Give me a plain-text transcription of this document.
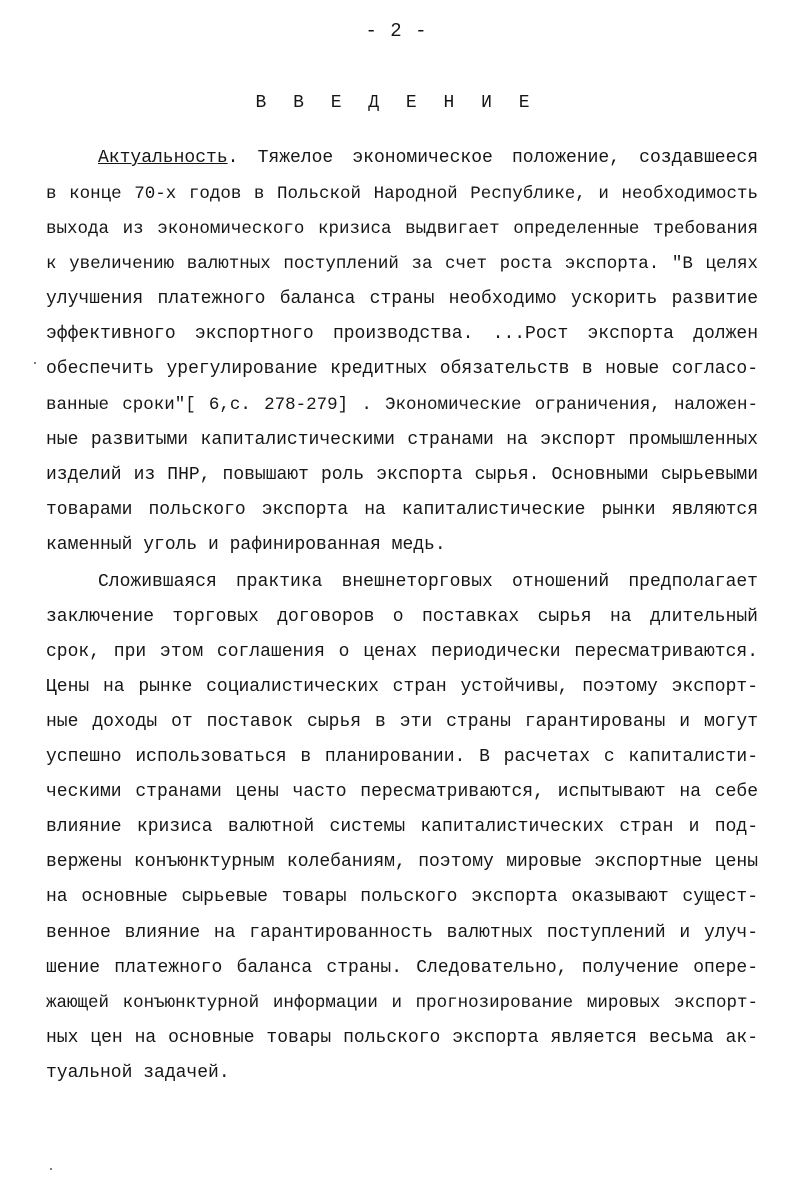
- 2 -
В В Е Д Е Н И Е
Актуальность. Тяжелое экономическое положение, создавшееся
в конце 70-х годов в Польской Народной Республике, и необходимость
выхода из экономического кризиса выдвигает определенные требования
к увеличению валютных поступлений за счет роста экспорта. "В целях
улучшения платежного баланса страны необходимо ускорить развитие
эффективного экспортного производства. ...Рост экспорта должен
обеспечить урегулирование кредитных обязательств в новые согласо-
ванные сроки"[ 6,с. 278-279] . Экономические ограничения, наложен-
ные развитыми капиталистическими странами на экспорт промышленных
изделий из ПНР, повышают роль экспорта сырья. Основными сырьевыми
товарами польского экспорта на капиталистические рынки являются
каменный уголь и рафинированная медь.
Сложившаяся практика внешнеторговых отношений предполагает
заключение торговых договоров о поставках сырья на длительный
срок, при этом соглашения о ценах периодически пересматриваются.
Цены на рынке социалистических стран устойчивы, поэтому экспорт-
ные доходы от поставок сырья в эти страны гарантированы и могут
успешно использоваться в планировании. В расчетах с капиталисти-
ческими странами цены часто пересматриваются, испытывают на себе
влияние кризиса валютной системы капиталистических стран и под-
вержены конъюнктурным колебаниям, поэтому мировые экспортные цены
на основные сырьевые товары польского экспорта оказывают сущест-
венное влияние на гарантированность валютных поступлений и улуч-
шение платежного баланса страны. Следовательно, получение опере-
жающей конъюнктурной информации и прогнозирование мировых экспорт-
ных цен на основные товары польского экспорта является весьма ак-
туальной задачей.
